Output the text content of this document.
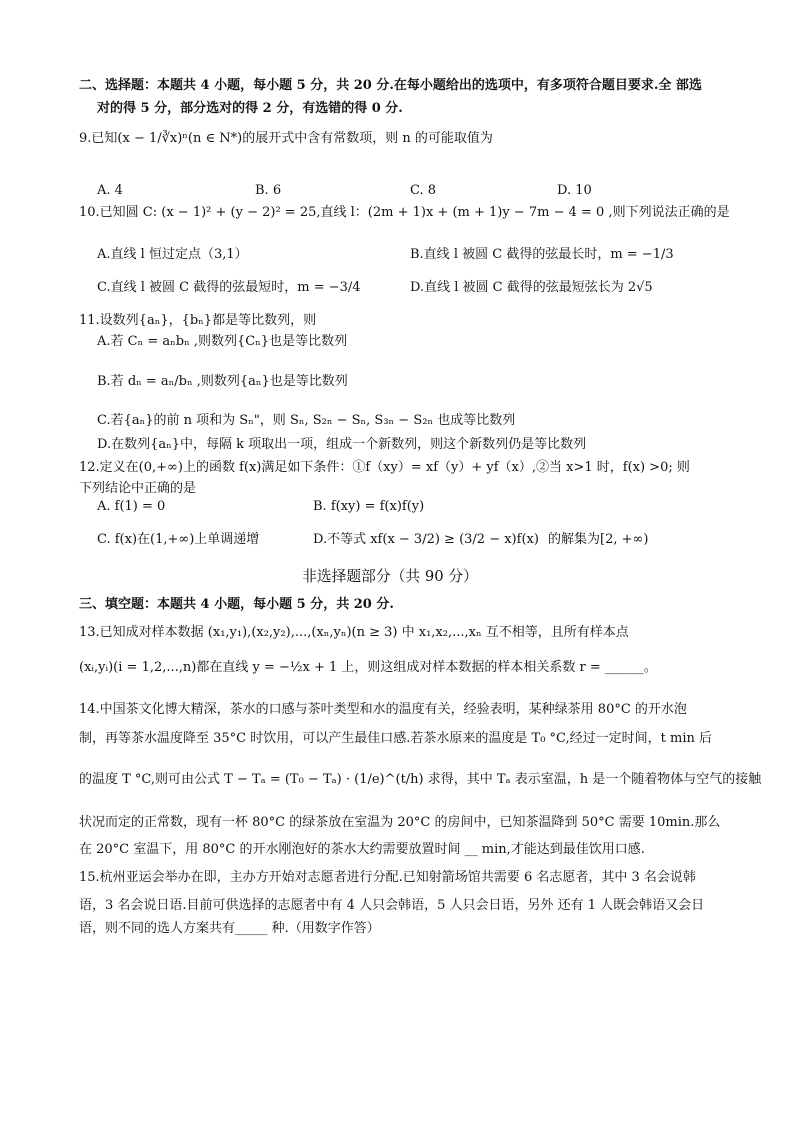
二、选择题：本题共 4 小题，每小题 5 分，共 20 分.在每小题给出的选项中，有多项符合题目要求.全 部选
对的得 5 分，部分选对的得 2 分，有选错的得 0 分.
9.已知(x − 1/∛x)ⁿ(n ∈ N*)的展开式中含有常数项，则 n 的可能取值为
A. 4	B. 6	C. 8	D. 10
10.已知圆 C: (x − 1)² + (y − 2)² = 25,直线 l：(2m + 1)x + (m + 1)y − 7m − 4 = 0 ,则下列说法正确的是
A.直线 l 恒过定点（3,1）	B.直线 l 被圆 C 截得的弦最长时，m = −1/3
C.直线 l 被圆 C 截得的弦最短时，m = −3/4	D.直线 l 被圆 C 截得的弦最短弦长为 2√5
11.设数列{aₙ}，{bₙ}都是等比数列，则
A.若 Cₙ = aₙbₙ ,则数列{Cₙ}也是等比数列
B.若 dₙ = aₙ/bₙ ,则数列{aₙ}也是等比数列
C.若{aₙ}的前 n 项和为 Sₙ"，则 Sₙ, S₂ₙ − Sₙ, S₃ₙ − S₂ₙ 也成等比数列
D.在数列{aₙ}中，每隔 k 项取出一项，组成一个新数列，则这个新数列仍是等比数列
12.定义在(0,+∞)上的函数 f(x)满足如下条件：①f（xy）= xf（y）+ yf（x）,②当 x>1 时，f(x) >0; 则
下列结论中正确的是
A. f(1) = 0	B. f(xy) = f(x)f(y)
C. f(x)在(1,+∞)上单调递增	D.不等式 xf(x − 3/2) ≥ (3/2 − x)f(x) 的解集为[2, +∞)
非选择题部分（共 90 分）
三、填空题：本题共 4 小题，每小题 5 分，共 20 分.
13.已知成对样本数据 (x₁,y₁),(x₂,y₂),...,(xₙ,yₙ)(n ≥ 3) 中 x₁,x₂,...,xₙ 互不相等，且所有样本点
(xᵢ,yᵢ)(i = 1,2,...,n)都在直线 y = −½x + 1 上，则这组成对样本数据的样本相关系数 r = ______。
14.中国茶文化博大精深，茶水的口感与茶叶类型和水的温度有关，经验表明，某种绿茶用 80°C 的开水泡
制，再等茶水温度降至 35°C 时饮用，可以产生最佳口感.若茶水原来的温度是 T₀ °C,经过一定时间，t min 后
的温度 T °C,则可由公式 T − Tₐ = (T₀ − Tₐ) · (1/e)^(t/h) 求得，其中 Tₐ 表示室温，h 是一个随着物体与空气的接触
状况而定的正常数，现有一杯 80°C 的绿茶放在室温为 20°C 的房间中，已知茶温降到 50°C 需要 10min.那么
在 20°C 室温下，用 80°C 的开水刚泡好的茶水大约需要放置时间 __ min,才能达到最佳饮用口感.
15.杭州亚运会举办在即，主办方开始对志愿者进行分配.已知射箭场馆共需要 6 名志愿者，其中 3 名会说韩
语，3 名会说日语.目前可供选择的志愿者中有 4 人只会韩语，5 人只会日语，另外 还有 1 人既会韩语又会日
语，则不同的选人方案共有_____ 种.（用数字作答）
